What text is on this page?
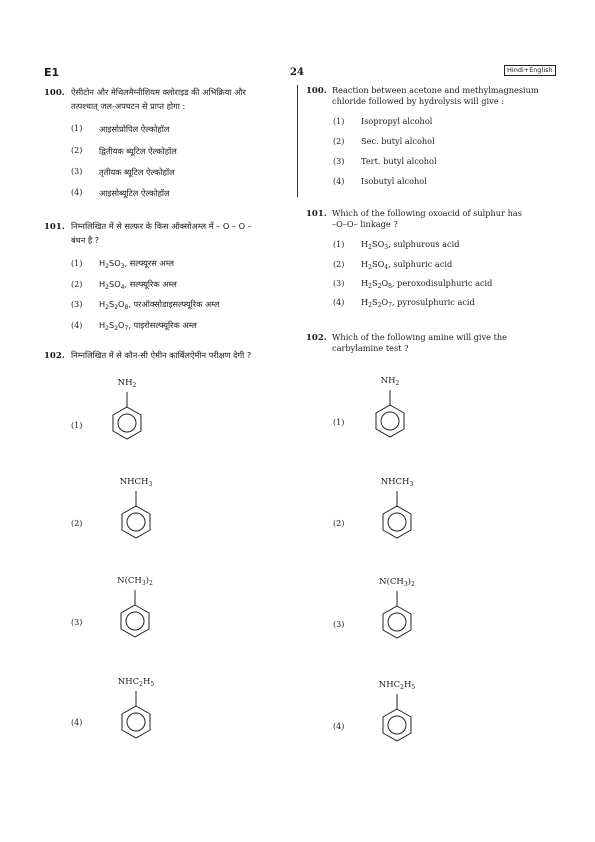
E1	24	Hindi+English
100. ऐसीटोन और मेथिलमैग्नीशियम क्लोराइड की अभिक्रिया और
तत्पश्चात् जल-अपघटन से प्राप्त होगा :
(1) आइसोप्रोपिल ऐल्कोहॉल
(2) द्वितीयक ब्यूटिल ऐल्कोहॉल
(3) तृतीयक ब्यूटिल ऐल्कोहॉल
(4) आइसोब्यूटिल ऐल्कोहॉल
101. निम्नलिखित में से सल्फर के किस ऑक्सोअम्ल में – O – O –
बंधन है ?
(1) $H_2SO_3$, सल्फ्यूरस अम्ल
(2) $H_2SO_4$, सल्फ्यूरिक अम्ल
(3) $H_2S_2O_8$, परऑक्सोडाइसल्फ्यूरिक अम्ल
(4) $H_2S_2O_7$, पाइरोसल्फ्यूरिक अम्ल
102. निम्नलिखित में से कौन-सी ऐमीन कार्बिलऐमीन परीक्षण देगी ?
100. Reaction between acetone and methylmagnesium
chloride followed by hydrolysis will give :
(1) Isopropyl alcohol
(2) Sec. butyl alcohol
(3) Tert. butyl alcohol
(4) Isobutyl alcohol
101. Which of the following oxoacid of sulphur has
–O–O– linkage ?
(1) $H_2SO_3$, sulphurous acid
(2) $H_2SO_4$, sulphuric acid
(3) $H_2S_2O_8$, peroxodisulphuric acid
(4) $H_2S_2O_7$, pyrosulphuric acid
102. Which of the following amine will give the
carbylamine test ?
(1)
$NH_2$
(2)
$NHCH_3$
(3)
$N(CH_3)_2$
(4)
$NHC_2H_5$
(1)
$NH_2$
(2)
$NHCH_3$
(3)
$N(CH_3)_2$
(4)
$NHC_2H_5$
